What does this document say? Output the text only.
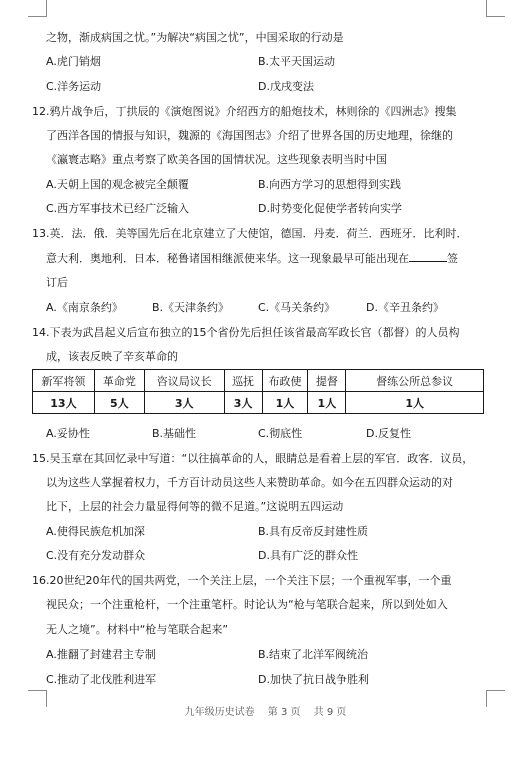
之物，渐成病国之忧。”为解决“病国之忧”，中国采取的行动是
A.虎门销烟	B.太平天国运动
C.洋务运动	D.戊戌变法
12.鸦片战争后，丁拱辰的《演炮图说》介绍西方的船炮技术，林则徐的《四洲志》搜集
了西洋各国的情报与知识，魏源的《海国图志》介绍了世界各国的历史地理，徐继的
《瀛寰志略》重点考察了欧美各国的国情状况。这些现象表明当时中国
A.天朝上国的观念被完全颠覆	B.向西方学习的思想得到实践
C.西方军事技术已经广泛输入	D.时势变化促使学者转向实学
13.英．法．俄．美等国先后在北京建立了大使馆，德国．丹麦．荷兰．西班牙．比利时．
意大利．奥地利．日本．秘鲁诸国相继派使来华。这一现象最早可能出现在	签
订后
A.《南京条约》	B.《天津条约》	C.《马关条约》	D.《辛丑条约》
14.下表为武昌起义后宣布独立的15个省份先后担任该省最高军政长官（都督）的人员构
成，该表反映了辛亥革命的
新军将领	革命党	咨议局议长	巡抚	布政使	提督	督练公所总参议
13人	5人	3人	3人	1人	1人	1人
A.妥协性	B.基础性	C.彻底性	D.反复性
15.吴玉章在其回忆录中写道：“以往搞革命的人，眼睛总是看着上层的军官．政客．议员，
以为这些人掌握着权力，千方百计动员这些人来赞助革命。如今在五四群众运动的对
比下，上层的社会力量显得何等的微不足道。”这说明五四运动
A.使得民族危机加深	B.具有反帝反封建性质
C.没有充分发动群众	D.具有广泛的群众性
16.20世纪20年代的国共两党，一个关注上层，一个关注下层；一个重视军事，一个重
视民众；一个注重枪杆，一个注重笔杆。时论认为“枪与笔联合起来，所以到处如入
无人之境”。材料中“枪与笔联合起来”
A.推翻了封建君主专制	B.结束了北洋军阀统治
C.推动了北伐胜利进军	D.加快了抗日战争胜利
九年级历史试卷　 第 3 页　 共 9 页
